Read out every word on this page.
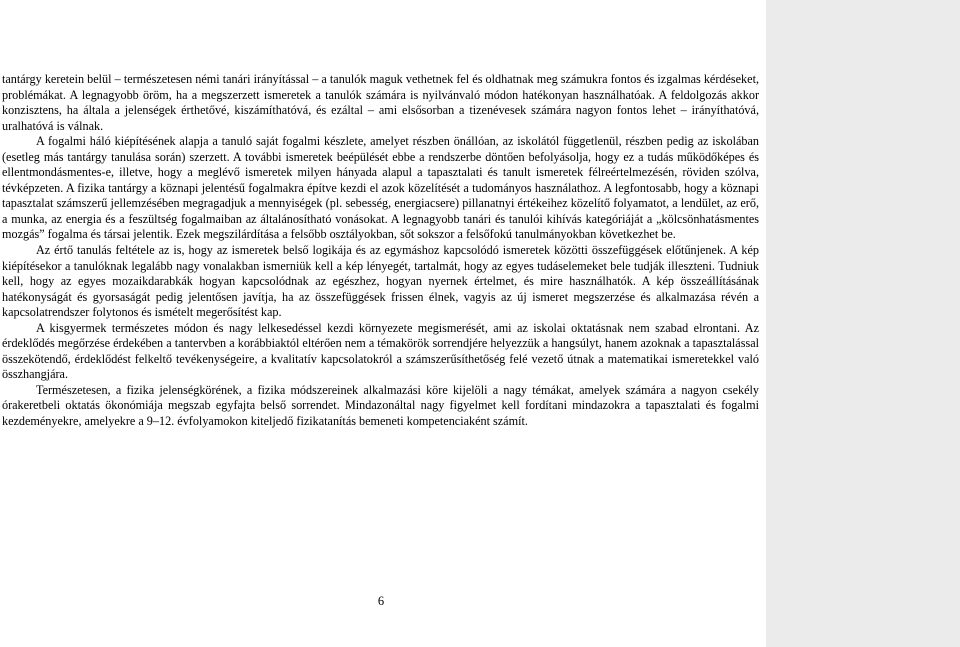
tantárgy keretein belül – természetesen némi tanári irányítással – a tanulók maguk vethetnek fel és oldhatnak meg számukra fontos és izgalmas kérdéseket, problémákat. A legnagyobb öröm, ha a megszerzett ismeretek a tanulók számára is nyilvánvaló módon hatékonyan használhatóak. A feldolgozás akkor konzisztens, ha általa a jelenségek érthetővé, kiszámíthatóvá, és ezáltal – ami elsősorban a tizenévesek számára nagyon fontos lehet – irányíthatóvá, uralhatóvá is válnak.

A fogalmi háló kiépítésének alapja a tanuló saját fogalmi készlete, amelyet részben önállóan, az iskolától függetlenül, részben pedig az iskolában (esetleg más tantárgy tanulása során) szerzett. A további ismeretek beépülését ebbe a rendszerbe döntően befolyásolja, hogy ez a tudás működőképes és ellentmondásmentes-e, illetve, hogy a meglévő ismeretek milyen hányada alapul a tapasztalati és tanult ismeretek félreértelmezésén, röviden szólva, tévképzeten. A fizika tantárgy a köznapi jelentésű fogalmakra építve kezdi el azok közelítését a tudományos használathoz. A legfontosabb, hogy a köznapi tapasztalat számszerű jellemzésében megragadjuk a mennyiségek (pl. sebesség, energiacsere) pillanatnyi értékeihez közelítő folyamatot, a lendület, az erő, a munka, az energia és a feszültség fogalmaiban az általánosítható vonásokat. A legnagyobb tanári és tanulói kihívás kategóriáját a „kölcsönhatásmentes mozgás” fogalma és társai jelentik. Ezek megszilárdítása a felsőbb osztályokban, sőt sokszor a felsőfokú tanulmányokban következhet be.

Az értő tanulás feltétele az is, hogy az ismeretek belső logikája és az egymáshoz kapcsolódó ismeretek közötti összefüggések előtűnjenek. A kép kiépítésekor a tanulóknak legalább nagy vonalakban ismerniük kell a kép lényegét, tartalmát, hogy az egyes tudáselemeket bele tudják illeszteni. Tudniuk kell, hogy az egyes mozaikdarabkák hogyan kapcsolódnak az egészhez, hogyan nyernek értelmet, és mire használhatók. A kép összeállításának hatékonyságát és gyorsaságát pedig jelentősen javítja, ha az összefüggések frissen élnek, vagyis az új ismeret megszerzése és alkalmazása révén a kapcsolatrendszer folytonos és ismételt megerősítést kap.

A kisgyermek természetes módon és nagy lelkesedéssel kezdi környezete megismerését, ami az iskolai oktatásnak nem szabad elrontani. Az érdeklődés megőrzése érdekében a tantervben a korábbiaktól eltérően nem a témakörök sorrendjére helyezzük a hangsúlyt, hanem azoknak a tapasztalással összekötendő, érdeklődést felkeltő tevékenységeire, a kvalitatív kapcsolatokról a számszerűsíthetőség felé vezető útnak a matematikai ismeretekkel való összhangjára.

Természetesen, a fizika jelenségkörének, a fizika módszereinek alkalmazási köre kijelöli a nagy témákat, amelyek számára a nagyon csekély órakeretbeli oktatás ökonómiája megszab egyfajta belső sorrendet. Mindazonáltal nagy figyelmet kell fordítani mindazokra a tapasztalati és fogalmi kezdeményekre, amelyekre a 9–12. évfolyamokon kiteljedő fizikatanítás bemeneti kompetenciaként számít.

6
